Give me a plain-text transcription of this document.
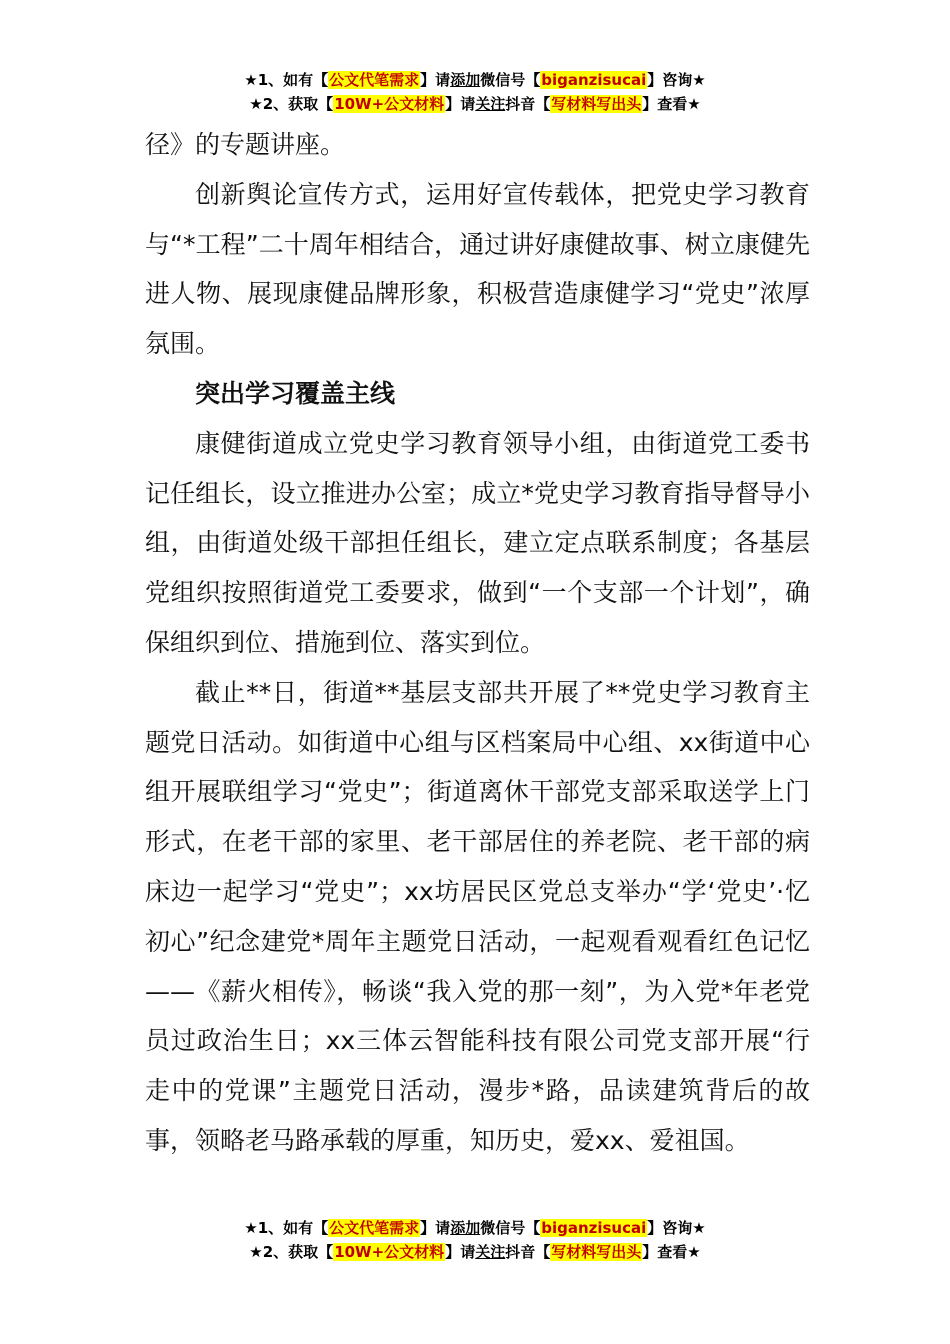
★1、如有【公文代笔需求】请添加微信号【biganzisucai】咨询★
★2、获取【10W+公文材料】请关注抖音【写材料写出头】查看★

径》的专题讲座。

创新舆论宣传方式，运用好宣传载体，把党史学习教育与“*工程”二十周年相结合，通过讲好康健故事、树立康健先进人物、展现康健品牌形象，积极营造康健学习“党史”浓厚氛围。

突出学习覆盖主线

康健街道成立党史学习教育领导小组，由街道党工委书记任组长，设立推进办公室；成立*党史学习教育指导督导小组，由街道处级干部担任组长，建立定点联系制度；各基层党组织按照街道党工委要求，做到“一个支部一个计划”，确保组织到位、措施到位、落实到位。

截止**日，街道**基层支部共开展了**党史学习教育主题党日活动。如街道中心组与区档案局中心组、xx街道中心组开展联组学习“党史”；街道离休干部党支部采取送学上门形式，在老干部的家里、老干部居住的养老院、老干部的病床边一起学习“党史”；xx坊居民区党总支举办“学‘党史’·忆初心”纪念建党*周年主题党日活动，一起观看观看红色记忆——《薪火相传》，畅谈“我入党的那一刻”，为入党*年老党员过政治生日；xx三体云智能科技有限公司党支部开展“行走中的党课”主题党日活动，漫步*路，品读建筑背后的故事，领略老马路承载的厚重，知历史，爱xx、爱祖国。

★1、如有【公文代笔需求】请添加微信号【biganzisucai】咨询★
★2、获取【10W+公文材料】请关注抖音【写材料写出头】查看★
